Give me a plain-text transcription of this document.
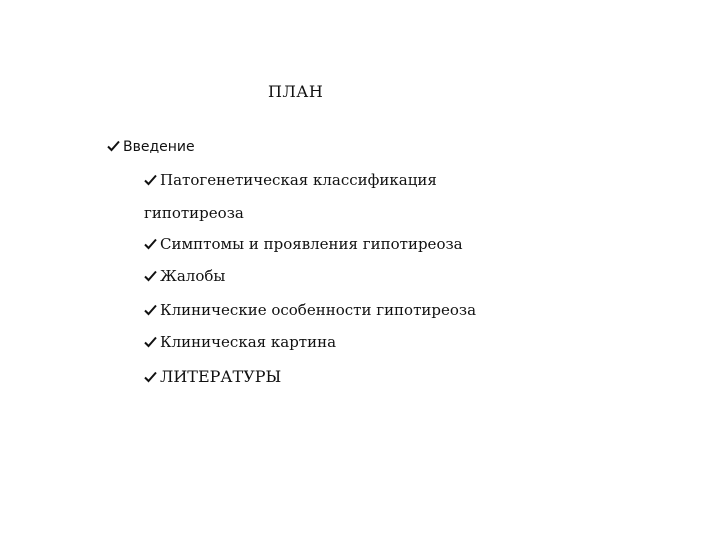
ПЛАН
Введение
Патогенетическая классификация
гипотиреоза
Симптомы и проявления гипотиреоза
Жалобы
Клинические особенности гипотиреоза
Клиническая картина
ЛИТЕРАТУРЫ
